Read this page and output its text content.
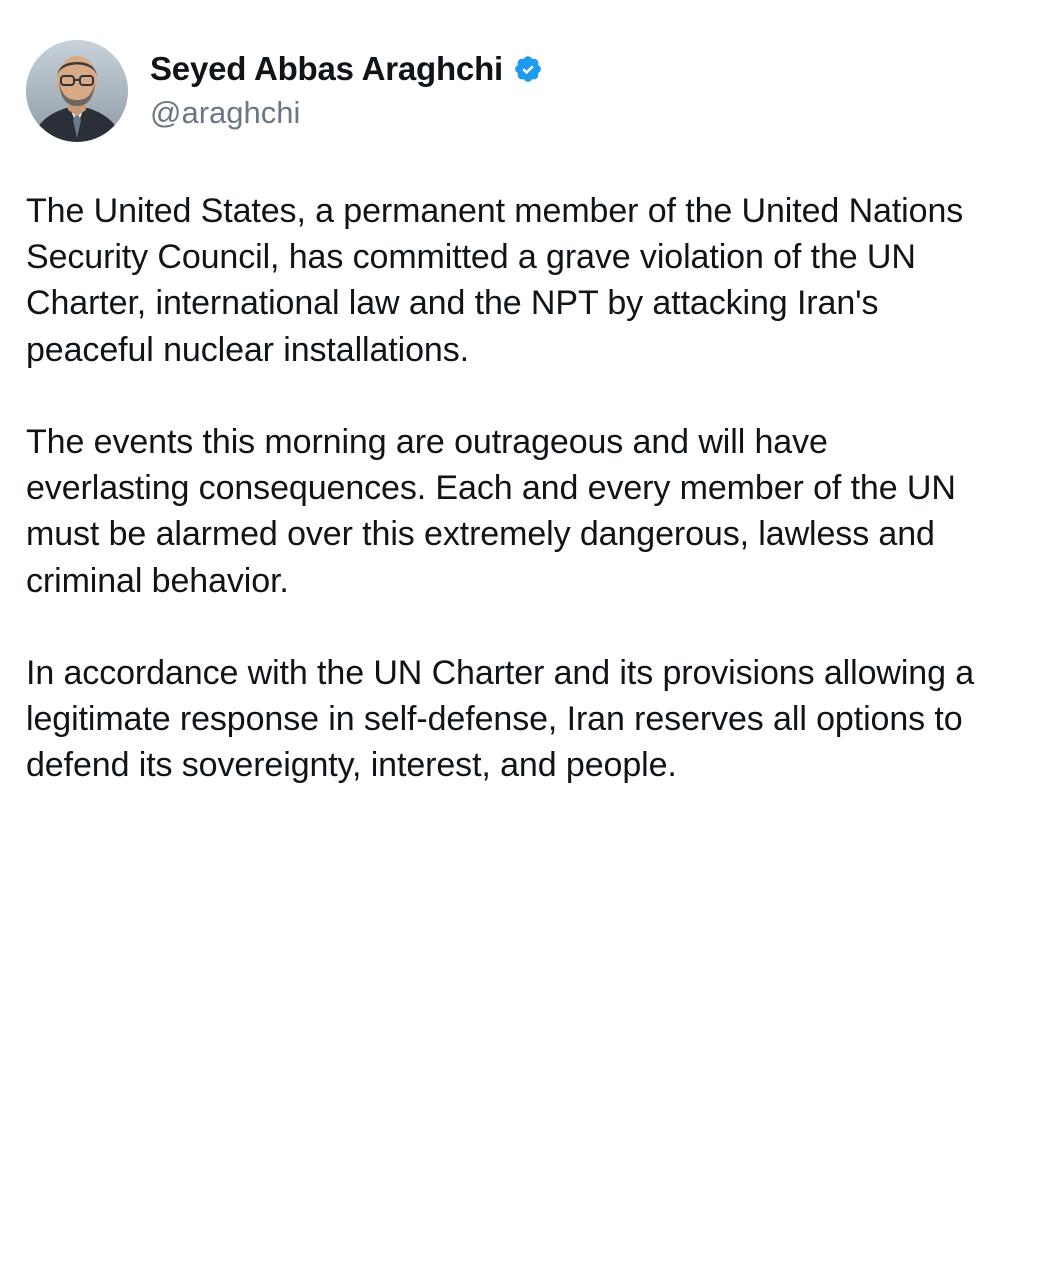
Seyed Abbas Araghchi
@araghchi

The United States, a permanent member of the United Nations Security Council, has committed a grave violation of the UN Charter, international law and the NPT by attacking Iran's peaceful nuclear installations.

The events this morning are outrageous and will have everlasting consequences. Each and every member of the UN must be alarmed over this extremely dangerous, lawless and criminal behavior.

In accordance with the UN Charter and its provisions allowing a legitimate response in self-defense, Iran reserves all options to defend its sovereignty, interest, and people.
